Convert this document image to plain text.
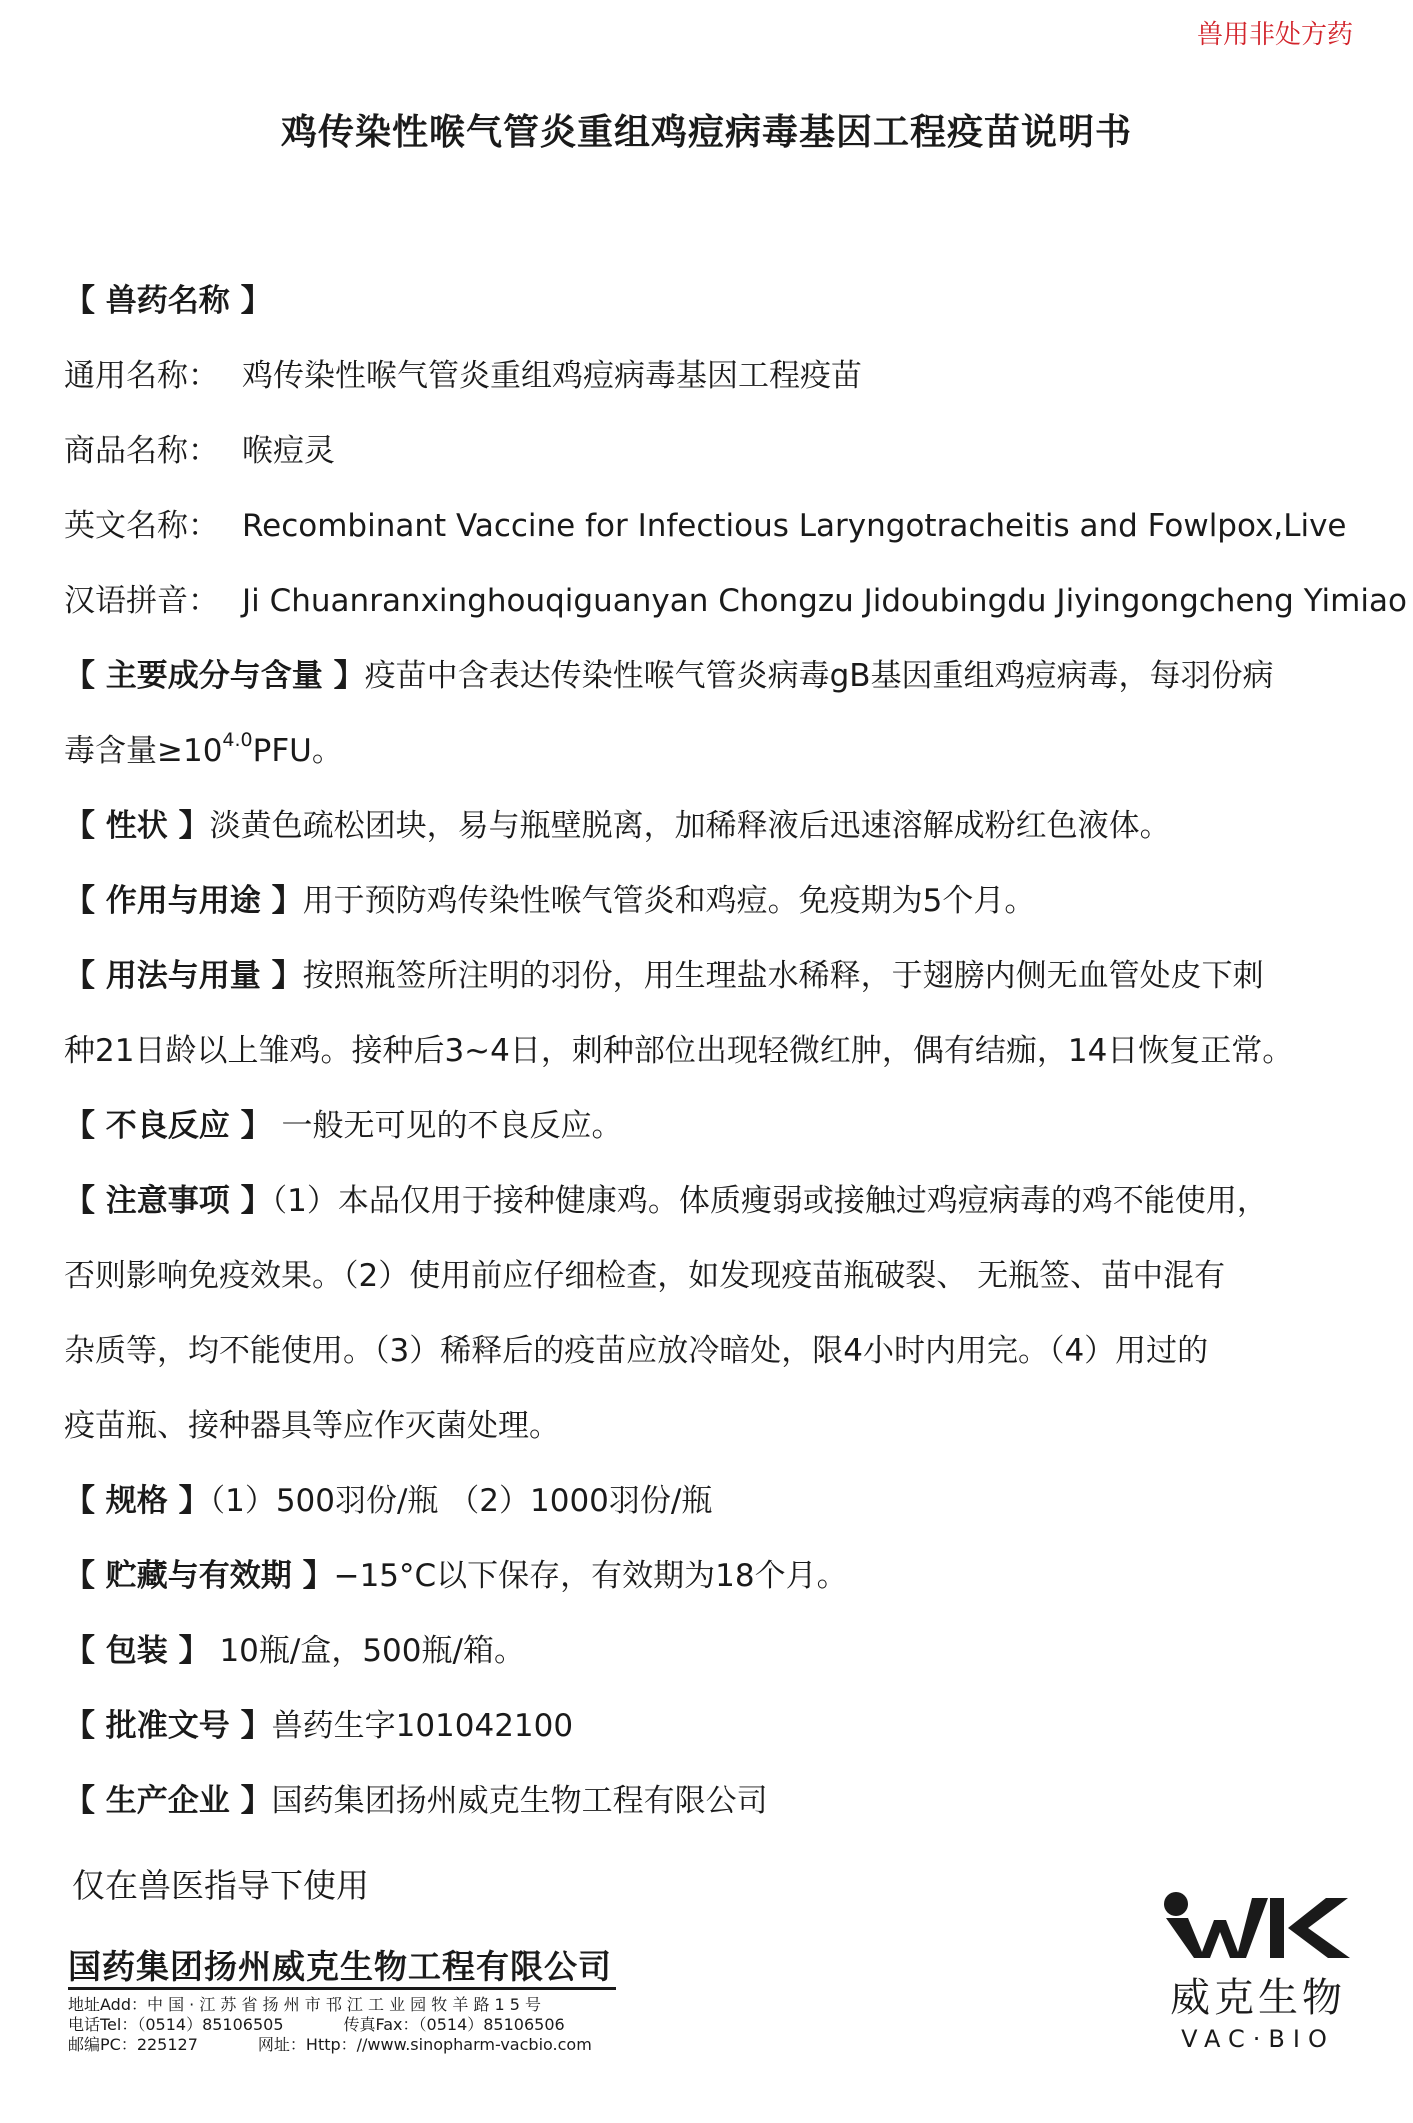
兽用非处方药
鸡传染性喉气管炎重组鸡痘病毒基因工程疫苗说明书
【 兽药名称 】
通用名称： 鸡传染性喉气管炎重组鸡痘病毒基因工程疫苗
商品名称： 喉痘灵
英文名称： Recombinant Vaccine for Infectious Laryngotracheitis and Fowlpox,Live
汉语拼音： Ji Chuanranxinghouqiguanyan Chongzu Jidoubingdu Jiyingongcheng Yimiao
【 主要成分与含量 】疫苗中含表达传染性喉气管炎病毒gB基因重组鸡痘病毒，每羽份病
毒含量$\ge 10^{4.0}PFU$。
【 性状 】淡黄色疏松团块，易与瓶壁脱离，加稀释液后迅速溶解成粉红色液体。
【 作用与用途 】用于预防鸡传染性喉气管炎和鸡痘。免疫期为5个月。
【 用法与用量 】按照瓶签所注明的羽份，用生理盐水稀释，于翅膀内侧无血管处皮下刺
种21日龄以上雏鸡。接种后3~4日，刺种部位出现轻微红肿，偶有结痂，14日恢复正常。
【 不良反应 】 一般无可见的不良反应。
【 注意事项 】（1）本品仅用于接种健康鸡。体质瘦弱或接触过鸡痘病毒的鸡不能使用，
否则影响免疫效果。（2）使用前应仔细检查，如发现疫苗瓶破裂、 无瓶签、苗中混有
杂质等，均不能使用。（3）稀释后的疫苗应放冷暗处，限4小时内用完。（4）用过的
疫苗瓶、接种器具等应作灭菌处理。
【 规格 】（1）500羽份/瓶 （2）1000羽份/瓶
【 贮藏与有效期 】−15°C以下保存，有效期为18个月。
【 包装 】 10瓶/盒，500瓶/箱。
【 批准文号 】兽药生字101042100
【 生产企业 】国药集团扬州威克生物工程有限公司
仅在兽医指导下使用
国药集团扬州威克生物工程有限公司
地址Add：中 国 · 江 苏 省 扬 州 市 邗 江 工 业 园 牧 羊 路 1 5 号
电话Tel：（0514）85106505	传真Fax：（0514）85106506
邮编PC：225127	网址：Http：//www.sinopharm-vacbio.com
威克生物
VAC·BIO
